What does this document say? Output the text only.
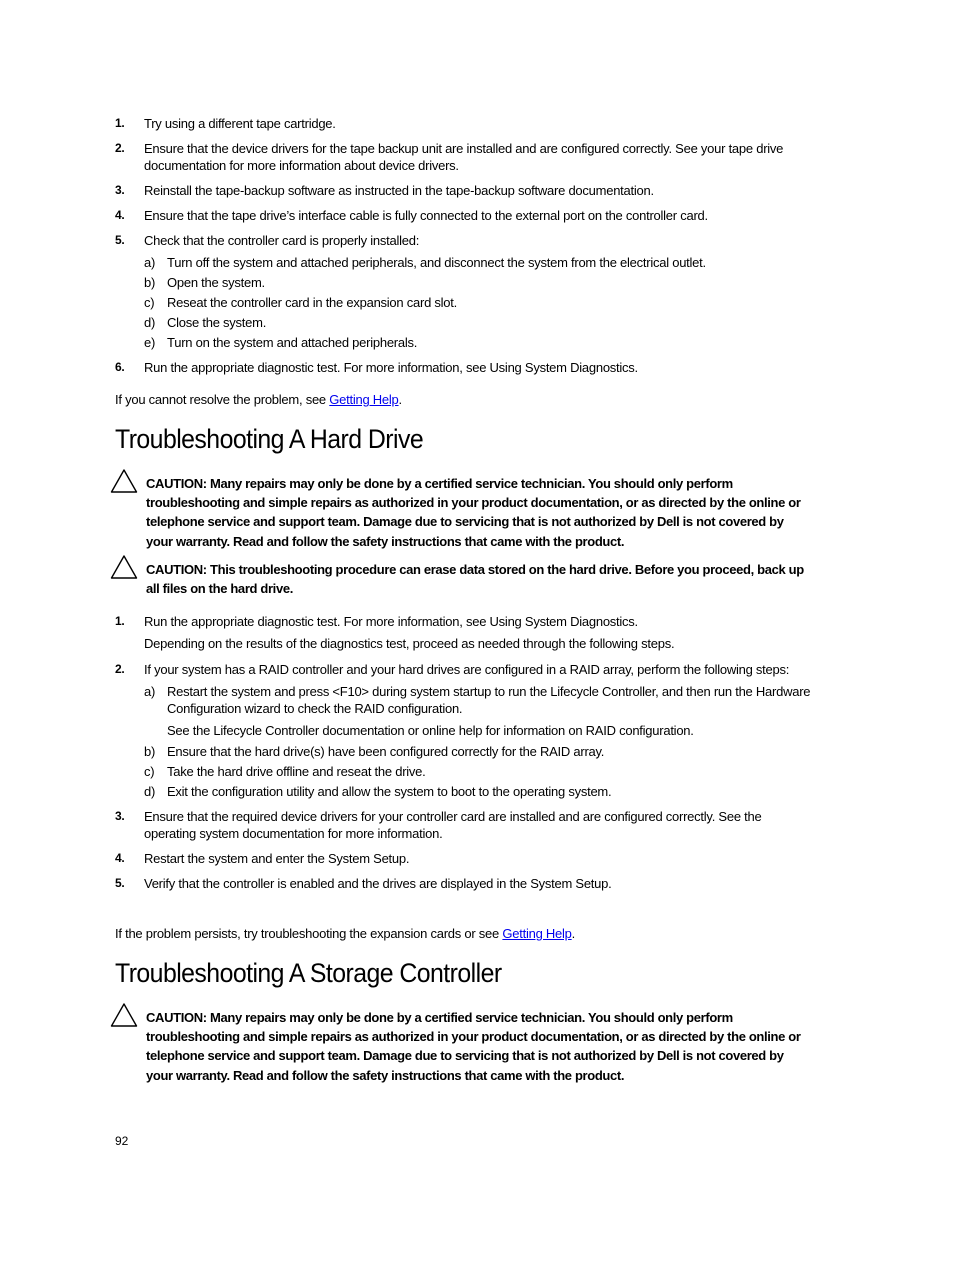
1. Try using a different tape cartridge.
2. Ensure that the device drivers for the tape backup unit are installed and are configured correctly. See your tape drive documentation for more information about device drivers.
3. Reinstall the tape-backup software as instructed in the tape-backup software documentation.
4. Ensure that the tape drive’s interface cable is fully connected to the external port on the controller card.
5. Check that the controller card is properly installed:
a) Turn off the system and attached peripherals, and disconnect the system from the electrical outlet.
b) Open the system.
c) Reseat the controller card in the expansion card slot.
d) Close the system.
e) Turn on the system and attached peripherals.
6. Run the appropriate diagnostic test. For more information, see Using System Diagnostics.
If you cannot resolve the problem, see Getting Help.
Troubleshooting A Hard Drive
CAUTION: Many repairs may only be done by a certified service technician. You should only perform troubleshooting and simple repairs as authorized in your product documentation, or as directed by the online or telephone service and support team. Damage due to servicing that is not authorized by Dell is not covered by your warranty. Read and follow the safety instructions that came with the product.
CAUTION: This troubleshooting procedure can erase data stored on the hard drive. Before you proceed, back up all files on the hard drive.
1. Run the appropriate diagnostic test. For more information, see Using System Diagnostics.
Depending on the results of the diagnostics test, proceed as needed through the following steps.
2. If your system has a RAID controller and your hard drives are configured in a RAID array, perform the following steps:
a) Restart the system and press <F10> during system startup to run the Lifecycle Controller, and then run the Hardware Configuration wizard to check the RAID configuration.
See the Lifecycle Controller documentation or online help for information on RAID configuration.
b) Ensure that the hard drive(s) have been configured correctly for the RAID array.
c) Take the hard drive offline and reseat the drive.
d) Exit the configuration utility and allow the system to boot to the operating system.
3. Ensure that the required device drivers for your controller card are installed and are configured correctly. See the operating system documentation for more information.
4. Restart the system and enter the System Setup.
5. Verify that the controller is enabled and the drives are displayed in the System Setup.
If the problem persists, try troubleshooting the expansion cards or see Getting Help.
Troubleshooting A Storage Controller
CAUTION: Many repairs may only be done by a certified service technician. You should only perform troubleshooting and simple repairs as authorized in your product documentation, or as directed by the online or telephone service and support team. Damage due to servicing that is not authorized by Dell is not covered by your warranty. Read and follow the safety instructions that came with the product.
92
